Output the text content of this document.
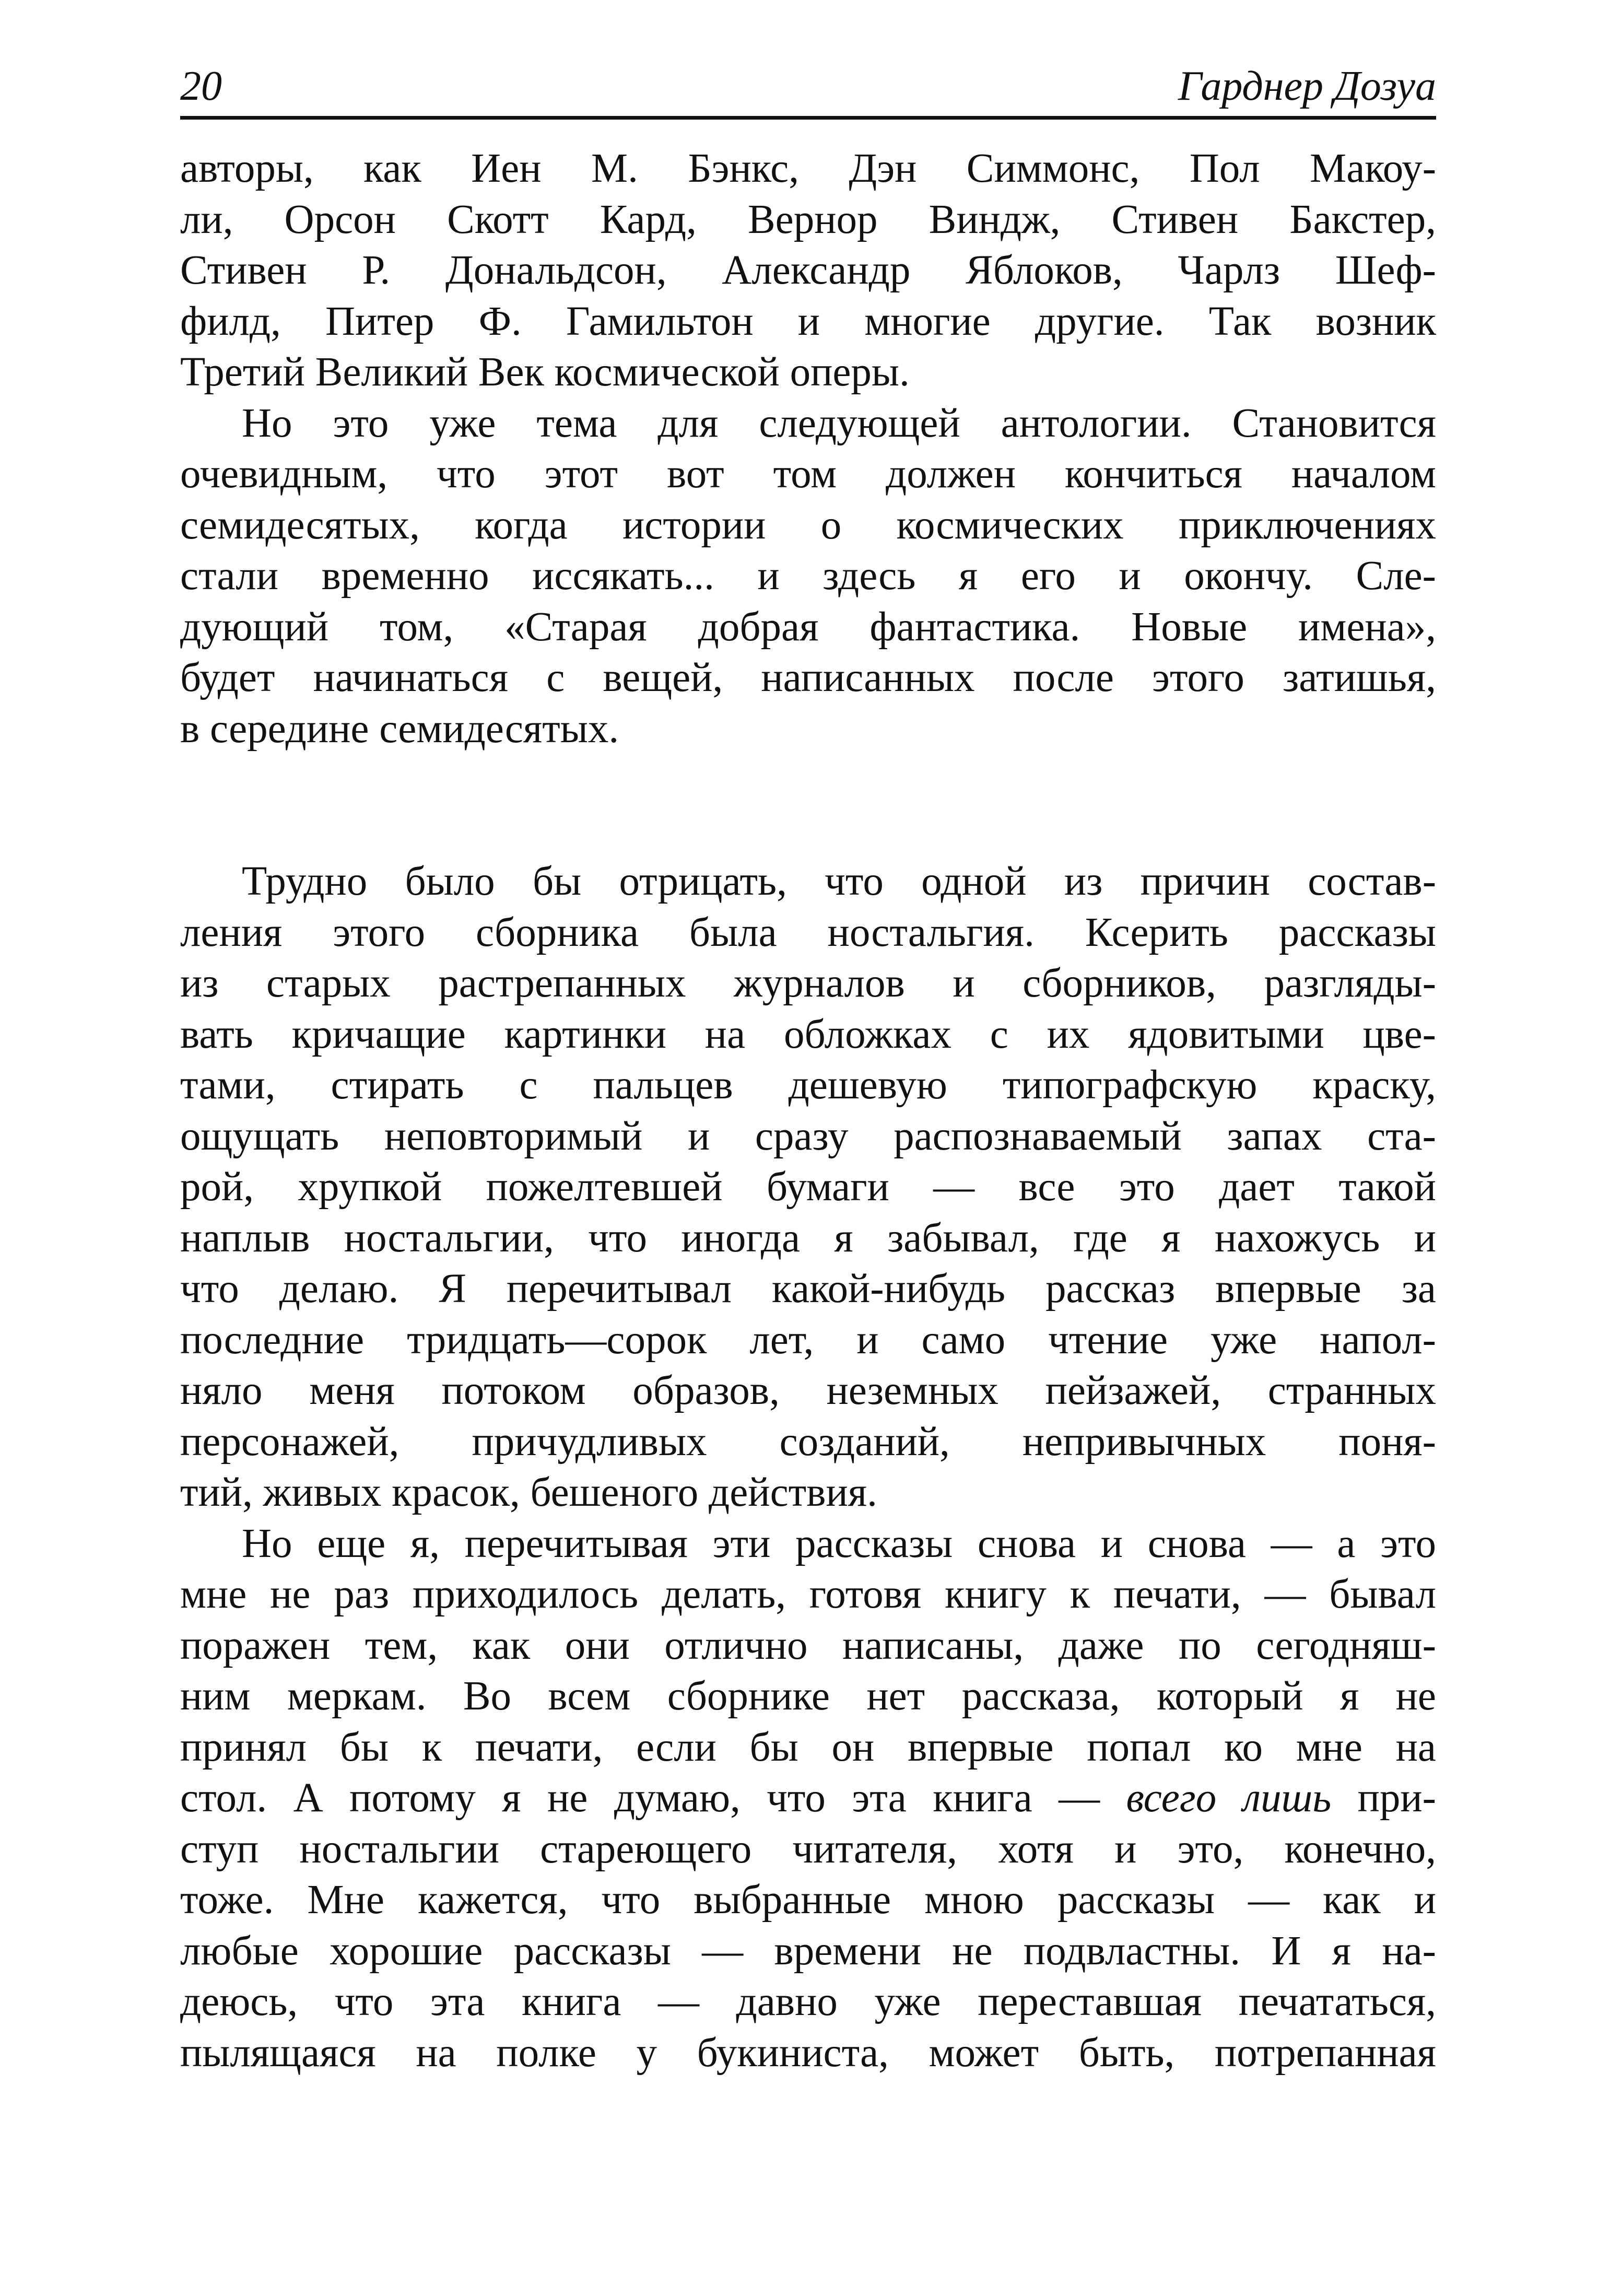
20	Гарднер Дозуа
авторы, как Иен М. Бэнкс, Дэн Симмонс, Пол Макоу-
ли, Орсон Скотт Кард, Вернор Виндж, Стивен Бакстер,
Стивен Р. Дональдсон, Александр Яблоков, Чарлз Шеф-
филд, Питер Ф. Гамильтон и многие другие. Так возник
Третий Великий Век космической оперы.
Но это уже тема для следующей антологии. Становится
очевидным, что этот вот том должен кончиться началом
семидесятых, когда истории о космических приключениях
стали временно иссякать... и здесь я его и окончу. Сле-
дующий том, «Старая добрая фантастика. Новые имена»,
будет начинаться с вещей, написанных после этого затишья,
в середине семидесятых.
Трудно было бы отрицать, что одной из причин состав-
ления этого сборника была ностальгия. Ксерить рассказы
из старых растрепанных журналов и сборников, разгляды-
вать кричащие картинки на обложках с их ядовитыми цве-
тами, стирать с пальцев дешевую типографскую краску,
ощущать неповторимый и сразу распознаваемый запах ста-
рой, хрупкой пожелтевшей бумаги — все это дает такой
наплыв ностальгии, что иногда я забывал, где я нахожусь и
что делаю. Я перечитывал какой-нибудь рассказ впервые за
последние тридцать—сорок лет, и само чтение уже напол-
няло меня потоком образов, неземных пейзажей, странных
персонажей, причудливых созданий, непривычных поня-
тий, живых красок, бешеного действия.
Но еще я, перечитывая эти рассказы снова и снова — а это
мне не раз приходилось делать, готовя книгу к печати, — бывал
поражен тем, как они отлично написаны, даже по сегодняш-
ним меркам. Во всем сборнике нет рассказа, который я не
принял бы к печати, если бы он впервые попал ко мне на
стол. А потому я не думаю, что эта книга — всего лишь при-
ступ ностальгии стареющего читателя, хотя и это, конечно,
тоже. Мне кажется, что выбранные мною рассказы — как и
любые хорошие рассказы — времени не подвластны. И я на-
деюсь, что эта книга — давно уже переставшая печататься,
пылящаяся на полке у букиниста, может быть, потрепанная
